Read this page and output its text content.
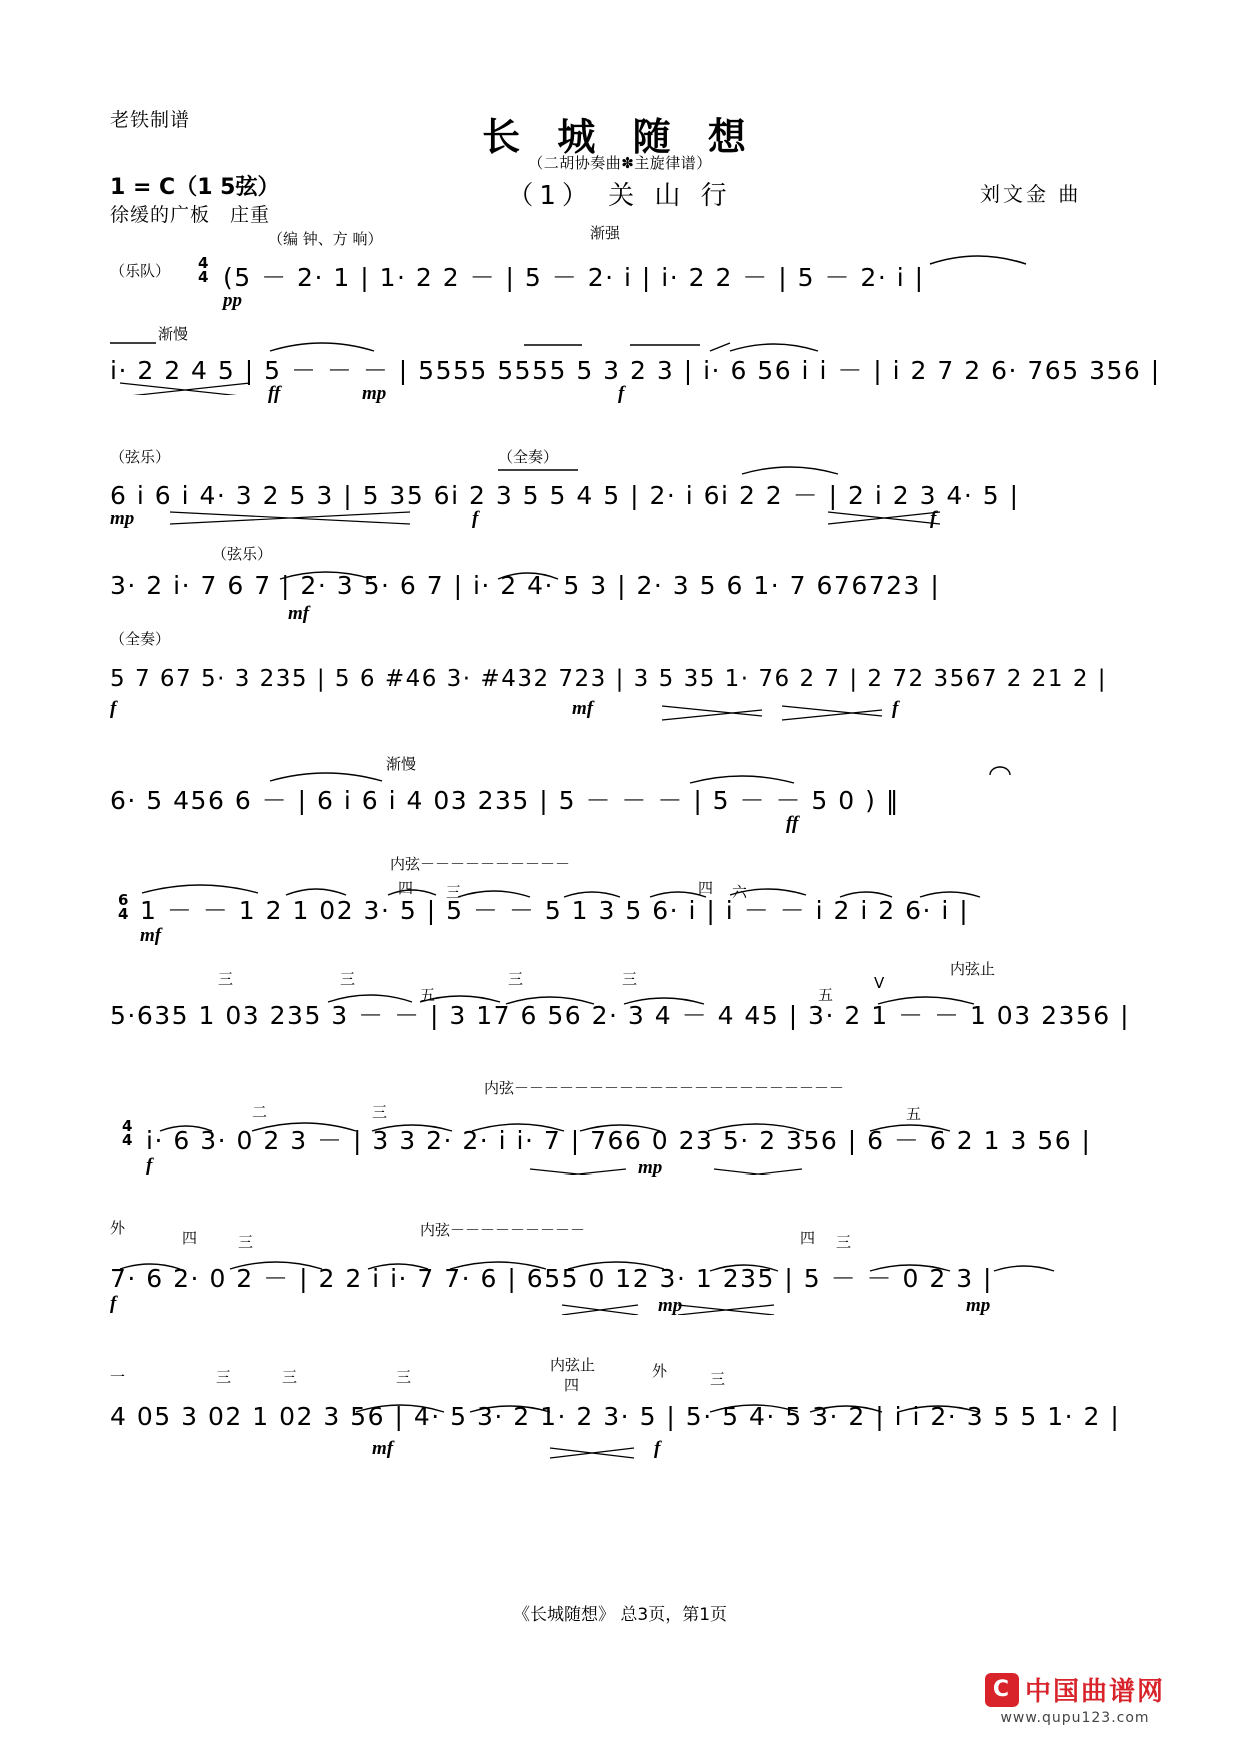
老铁制谱	长 城 随 想
（二胡协奏曲✽主旋律谱）
（1） 关 山 行	刘文金 曲
1 = C（1 5弦）
徐缓的广板　庄重
（编 钟、方 响）	渐强
（乐队） 4
4 (5 － 2· 1 | 1· 2 2 － | 5 － 2· i | i· 2 2 － | 5 － 2· i |
pp
渐慢
i· 2 2 4 5 | 5 － － － | 5555 5555 5 3 2 3 | i· 6 56 i i － | i 2 7 2 6· 765 356 |
ff	mp	f
（弦乐）	（全奏）
6 i 6 i 4· 3 2 5 3 | 5 35 6i 2 3 5 5 4 5 | 2· i 6i 2 2 － | 2 i 2 3 4· 5 |
mp	f	f
（弦乐）
3· 2 i· 7 6 7 | 2· 3 5· 6 7 | i· 2 4· 5 3 | 2· 3 5 6 1· 7 676723 |
mf
（全奏）
5 7 67 5· 3 235 | 5 6 #46 3· #432 723 | 3 5 35 1· 76 2 7 | 2 72 3567 2 21 2 |
f	mf	f
渐慢
6· 5 456 6 － | 6 i 6 i 4 03 235 | 5 － － － | 5 － － 5 0 ) ‖
ff
6
4
内弦－－－－－－－－－－
四 三	四 六
1 － － 1 2 1 02 3· 5 | 5 － － 5 1 3 5 6· i | i － － i 2 i 2 6· i |
mf
三	三
五
三	三
五
内弦止
Ⅴ
5·635 1 03 235 3 － － | 3 17 6 56 2· 3 4 － 4 45 | 3· 2 1 － － 1 03 2356 |
4
4
内弦－－－－－－－－－－－－－－－－－－－－－－
二	三	五
i· 6 3· 0 2 3 － | 3 3 2· 2· i i· 7 | 766 0 23 5· 2 356 | 6 － 6 2 1 3 56 |
f	mp
外
四	三
内弦－－－－－－－－－	四 三
7· 6 2· 0 2 － | 2 2 i i· 7 7· 6 | 655 0 12 3· 1 235 | 5 － － 0 2 3 |
f	mp	mp
一	三	三	三
内弦止
四
外	三
4 05 3 02 1 02 3 56 | 4· 5 3· 2 1· 2 3· 5 | 5· 5 4· 5 3· 2 | i i 2· 3 5 5 1· 2 |
mf	f
《长城随想》 总3页，第1页
C 中国曲谱网
www.qupu123.com
